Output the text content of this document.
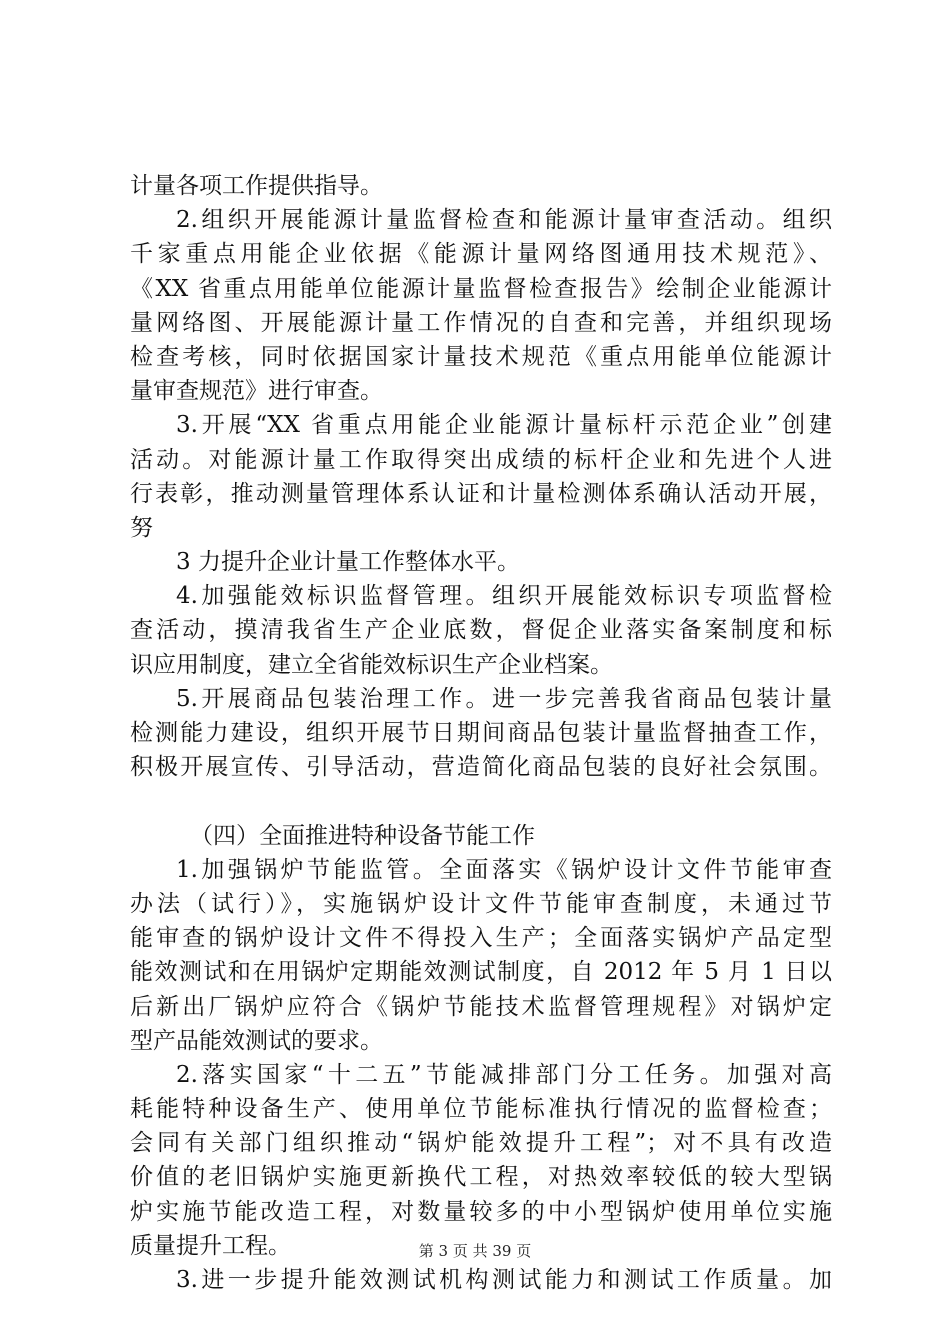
计量各项工作提供指导。
2.组织开展能源计量监督检查和能源计量审查活动。组织
千家重点用能企业依据《能源计量网络图通用技术规范》、
《XX 省重点用能单位能源计量监督检查报告》绘制企业能源计
量网络图、开展能源计量工作情况的自查和完善，并组织现场
检查考核，同时依据国家计量技术规范《重点用能单位能源计
量审查规范》进行审查。
3.开展“XX 省重点用能企业能源计量标杆示范企业”创建
活动。对能源计量工作取得突出成绩的标杆企业和先进个人进
行表彰，推动测量管理体系认证和计量检测体系确认活动开展，
努
3 力提升企业计量工作整体水平。
4.加强能效标识监督管理。组织开展能效标识专项监督检
查活动，摸清我省生产企业底数，督促企业落实备案制度和标
识应用制度，建立全省能效标识生产企业档案。
5.开展商品包装治理工作。进一步完善我省商品包装计量
检测能力建设，组织开展节日期间商品包装计量监督抽查工作，
积极开展宣传、引导活动，营造简化商品包装的良好社会氛围。
（四）全面推进特种设备节能工作
1.加强锅炉节能监管。全面落实《锅炉设计文件节能审查
办法（试行）》，实施锅炉设计文件节能审查制度，未通过节
能审查的锅炉设计文件不得投入生产；全面落实锅炉产品定型
能效测试和在用锅炉定期能效测试制度，自 2012 年 5 月 1 日以
后新出厂锅炉应符合《锅炉节能技术监督管理规程》对锅炉定
型产品能效测试的要求。
2.落实国家“十二五”节能减排部门分工任务。加强对高
耗能特种设备生产、使用单位节能标准执行情况的监督检查；
会同有关部门组织推动“锅炉能效提升工程”；对不具有改造
价值的老旧锅炉实施更新换代工程，对热效率较低的较大型锅
炉实施节能改造工程，对数量较多的中小型锅炉使用单位实施
质量提升工程。
3.进一步提升能效测试机构测试能力和测试工作质量。加
第 3 页 共 39 页
